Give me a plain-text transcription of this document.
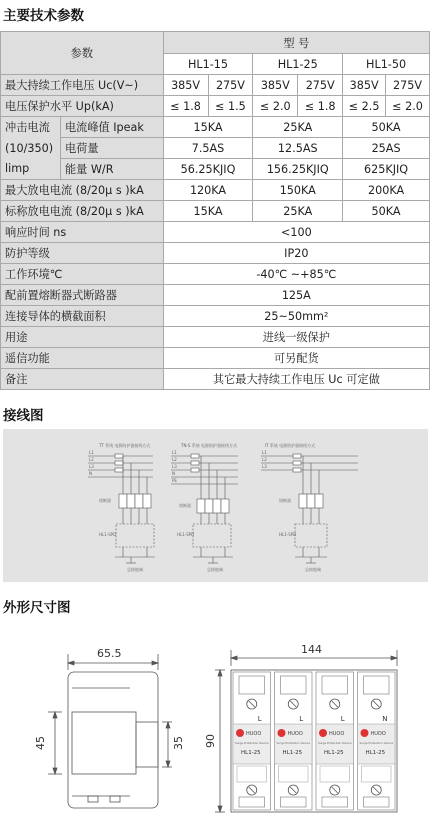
主要技术参数
参数		型 号					
		HL1-15		HL1-25		HL1-50	
最大持续工作电压 Uc(V~)		385V	275V	385V	275V	385V	275V
电压保护水平 Up(kA)		≤ 1.8	≤ 1.5	≤ 2.0	≤ 1.8	≤ 2.5	≤ 2.0
冲击电流	电流峰值 Ipeak	15KA		25KA		50KA	
(10/350)	电荷量	7.5AS		12.5AS		25AS	
limp	能量 W/R	56.25KJIQ		156.25KJIQ		625KJIQ	
最大放电电流 (8/20μ s )kA		120KA		150KA		200KA	
标称放电电流 (8/20μ s )kA		15KA		25KA		50KA	
响应时间 ns		<100					
防护等级		IP20					
工作环境℃		-40℃ ~+85℃					
配前置熔断器式断路器		125A					
连接导体的横截面积		25~50mm²					
用途		进线一级保护					
遥信功能		可另配货					
备注		其它最大持续工作电压 Uc 可定做					
接线图
TT 系统 电源防护器接线方式	TN-S 系统 电源防护器接线方式	IT 系统 电源防护器接线方式
L1
L2
L3
N
L1
L2
L3
N
PE
L1
L2
L3
熔断器
熔断器
熔断器
HL1-SPD	HL1-SPD	HL1-SPD
总接地端	总接地端	总接地端
外形尺寸图
L
HUOO
Surge Protection Device
HL1-25
L
HUOO
Surge Protection Device
HL1-25
L
HUOO
Surge Protection Device
HL1-25
N
HUOO
Surge Protection Device
HL1-25
65.5	144
45	35 90
